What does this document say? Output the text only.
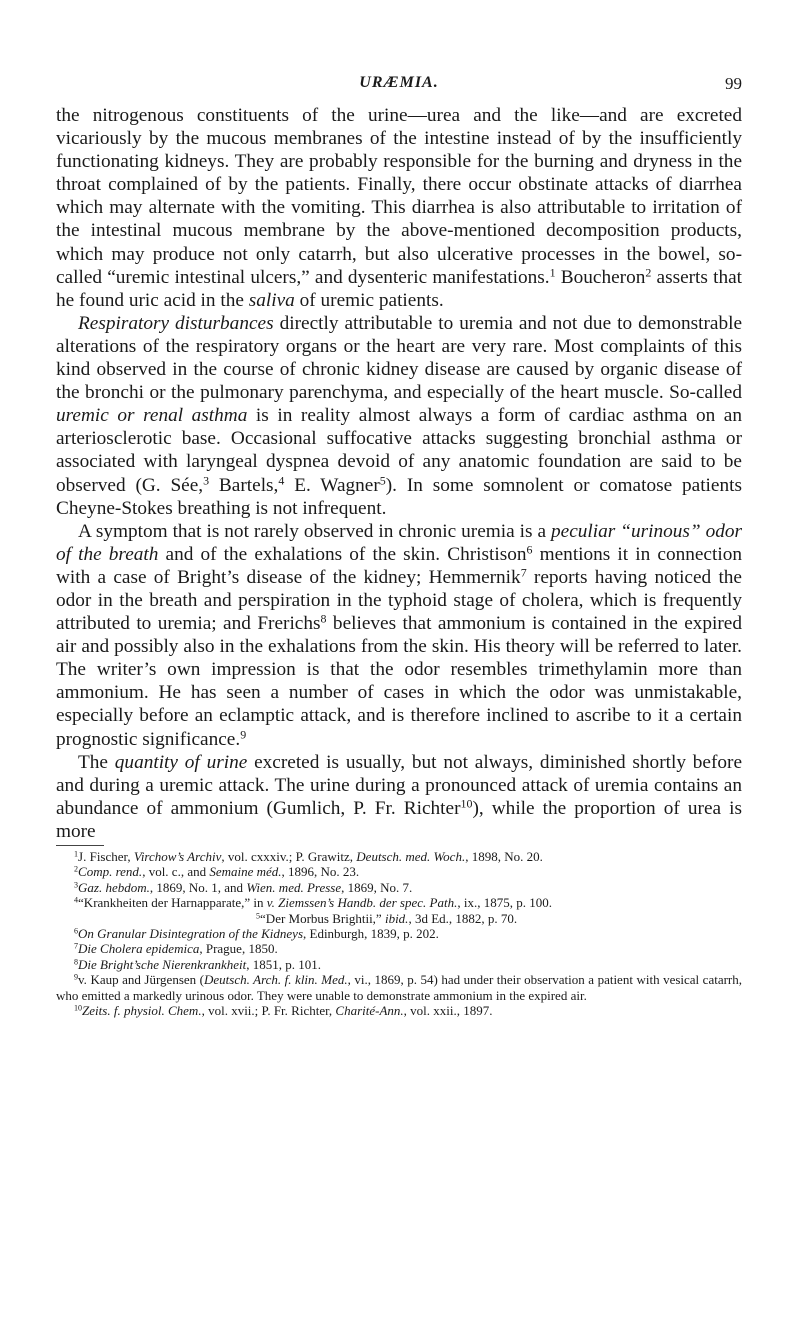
URÆMIA.	99

the nitrogenous constituents of the urine—urea and the like—and are excreted vicariously by the mucous membranes of the intestine instead of by the insufficiently functionating kidneys. They are probably responsible for the burning and dryness in the throat complained of by the patients. Finally, there occur obstinate attacks of diarrhea which may alternate with the vomiting. This diarrhea is also attributable to irritation of the intestinal mucous membrane by the above-mentioned decomposition products, which may produce not only catarrh, but also ulcerative processes in the bowel, so-called “uremic intestinal ulcers,” and dysenteric manifestations.$^1$ Boucheron$^2$ asserts that he found uric acid in the saliva of uremic patients.

Respiratory disturbances directly attributable to uremia and not due to demonstrable alterations of the respiratory organs or the heart are very rare. Most complaints of this kind observed in the course of chronic kidney disease are caused by organic disease of the bronchi or the pulmonary parenchyma, and especially of the heart muscle. So-called uremic or renal asthma is in reality almost always a form of cardiac asthma on an arteriosclerotic base. Occasional suffocative attacks suggesting bronchial asthma or associated with laryngeal dyspnea devoid of any anatomic foundation are said to be observed (G. Sée,$^3$ Bartels,$^4$ E. Wagner$^5$). In some somnolent or comatose patients Cheyne-Stokes breathing is not infrequent.

A symptom that is not rarely observed in chronic uremia is a peculiar “urinous” odor of the breath and of the exhalations of the skin. Christison$^6$ mentions it in connection with a case of Bright’s disease of the kidney; Hemmernik$^7$ reports having noticed the odor in the breath and perspiration in the typhoid stage of cholera, which is frequently attributed to uremia; and Frerichs$^8$ believes that ammonium is contained in the expired air and possibly also in the exhalations from the skin. His theory will be referred to later. The writer’s own impression is that the odor resembles trimethylamin more than ammonium. He has seen a number of cases in which the odor was unmistakable, especially before an eclamptic attack, and is therefore inclined to ascribe to it a certain prognostic significance.$^9$

The quantity of urine excreted is usually, but not always, diminished shortly before and during a uremic attack. The urine during a pronounced attack of uremia contains an abundance of ammonium (Gumlich, P. Fr. Richter$^{10}$), while the proportion of urea is more

$^1$J. Fischer, Virchow’s Archiv, vol. cxxxiv.; P. Grawitz, Deutsch. med. Woch., 1898, No. 20.

$^2$Comp. rend., vol. c., and Semaine méd., 1896, No. 23.

$^3$Gaz. hebdom., 1869, No. 1, and Wien. med. Presse, 1869, No. 7.

$^4$“Krankheiten der Harnapparate,” in v. Ziemssen’s Handb. der spec. Path., ix., 1875, p. 100.

$^5$“Der Morbus Brightii,” ibid., 3d Ed., 1882, p. 70.

$^6$On Granular Disintegration of the Kidneys, Edinburgh, 1839, p. 202.

$^7$Die Cholera epidemica, Prague, 1850.

$^8$Die Bright’sche Nierenkrankheit, 1851, p. 101.

$^9$v. Kaup and Jürgensen (Deutsch. Arch. f. klin. Med., vi., 1869, p. 54) had under their observation a patient with vesical catarrh, who emitted a markedly urinous odor. They were unable to demonstrate ammonium in the expired air.

$^{10}$Zeits. f. physiol. Chem., vol. xvii.; P. Fr. Richter, Charité-Ann., vol. xxii., 1897.
